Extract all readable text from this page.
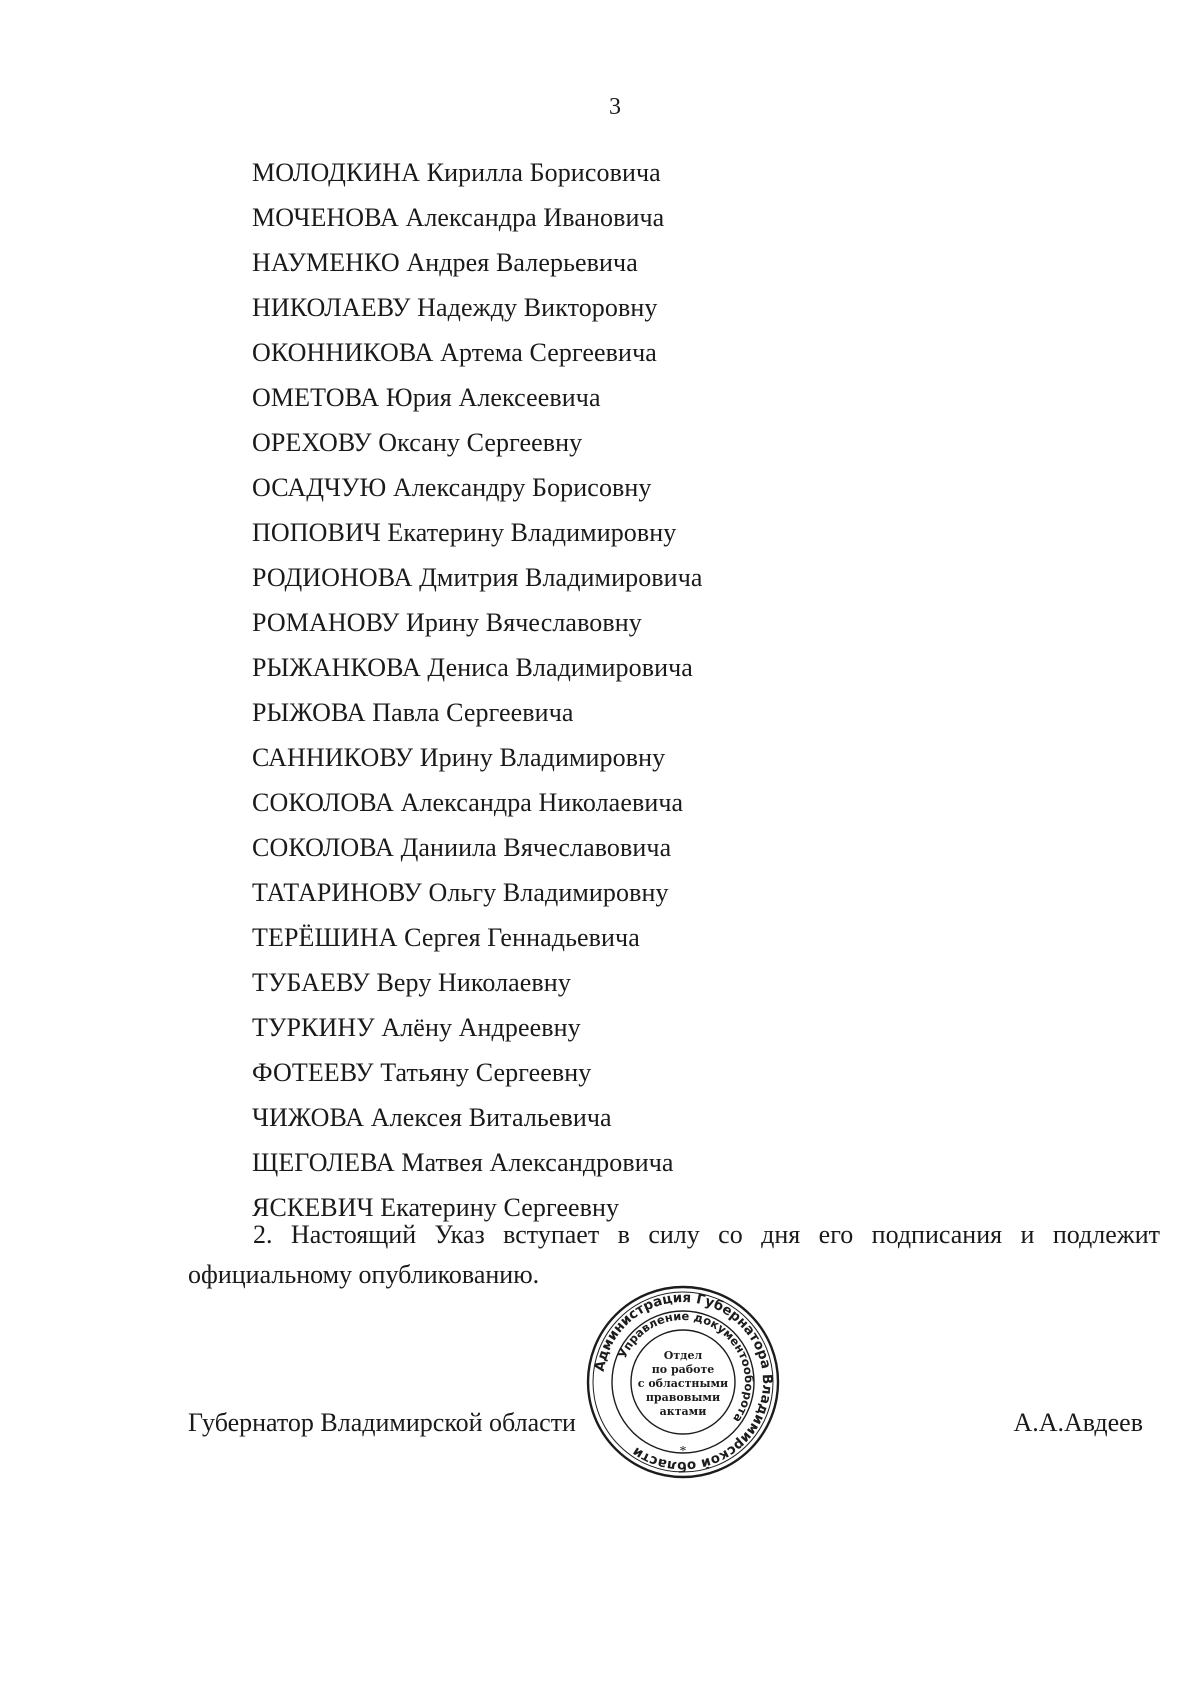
3
МОЛОДКИНА Кирилла Борисовича
МОЧЕНОВА Александра Ивановича
НАУМЕНКО Андрея Валерьевича
НИКОЛАЕВУ Надежду Викторовну
ОКОННИКОВА Артема Сергеевича
ОМЕТОВА Юрия Алексеевича
ОРЕХОВУ Оксану Сергеевну
ОСАДЧУЮ Александру Борисовну
ПОПОВИЧ Екатерину Владимировну
РОДИОНОВА Дмитрия Владимировича
РОМАНОВУ Ирину Вячеславовну
РЫЖАНКОВА Дениса Владимировича
РЫЖОВА Павла Сергеевича
САННИКОВУ Ирину Владимировну
СОКОЛОВА Александра Николаевича
СОКОЛОВА Даниила Вячеславовича
ТАТАРИНОВУ Ольгу Владимировну
ТЕРЁШИНА Сергея Геннадьевича
ТУБАЕВУ Веру Николаевну
ТУРКИНУ Алёну Андреевну
ФОТЕЕВУ Татьяну Сергеевну
ЧИЖОВА Алексея Витальевича
ЩЕГОЛЕВА Матвея Александровича
ЯСКЕВИЧ Екатерину Сергеевну
2. Настоящий Указ вступает в силу со дня его подписания и подлежит
официальному опубликованию.
Губернатор Владимирской области	А.А.Авдеев
Администрация Губернатора Владимирской области
Управление документооборота
*
Отдел
по работе
с областными
правовыми
актами
